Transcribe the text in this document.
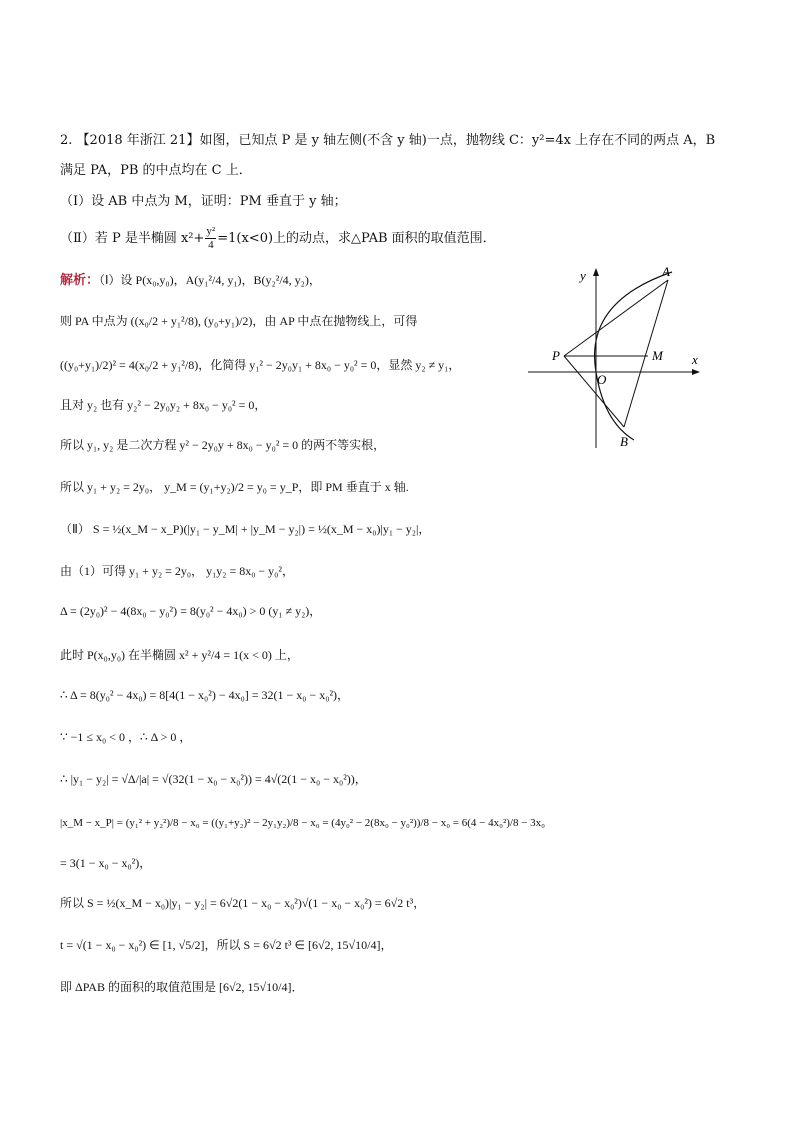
2. 【2018 年浙江 21】如图，已知点 P 是 y 轴左侧(不含 y 轴)一点，抛物线 C：y²=4x 上存在不同的两点 A，B
满足 PA，PB 的中点均在 C 上．
（Ⅰ）设 AB 中点为 M，证明：PM 垂直于 y 轴；
（Ⅱ）若 P 是半椭圆 $x^2+ \frac{\text{y²}}{4} =1(x<0)$上的动点，求△PAB 面积的取值范围．
解析：（Ⅰ）设 P(x₀,y₀)，A(y₁²/4, y₁)，B(y₂²/4, y₂)，
则 PA 中点为 ((x₀/2 + y₁²/8), (y₀+y₁)/2)，由 AP 中点在抛物线上，可得
((y₀+y₁)/2)² = 4(x₀/2 + y₁²/8)，化简得 y₁² − 2y₀y₁ + 8x₀ − y₀² = 0，显然 y₂ ≠ y₁，
且对 y₂ 也有 y₂² − 2y₀y₂ + 8x₀ − y₀² = 0，
所以 y₁, y₂ 是二次方程 y² − 2y₀y + 8x₀ − y₀² = 0 的两不等实根，
所以 y₁ + y₂ = 2y₀， y_M = (y₁+y₂)/2 = y₀ = y_P，即 PM 垂直于 x 轴.
（Ⅱ） S = ½(x_M − x_P)(|y₁ − y_M| + |y_M − y₂|) = ½(x_M − x₀)|y₁ − y₂|，
由（1）可得 y₁ + y₂ = 2y₀， y₁y₂ = 8x₀ − y₀²，
Δ = (2y₀)² − 4(8x₀ − y₀²) = 8(y₀² − 4x₀) > 0 (y₁ ≠ y₂)，
此时 P(x₀,y₀) 在半椭圆 x² + y²/4 = 1(x < 0) 上，
∴ Δ = 8(y₀² − 4x₀) = 8[4(1 − x₀²) − 4x₀] = 32(1 − x₀ − x₀²)，
∵ −1 ≤ x₀ < 0 ，∴ Δ > 0 ，
∴ |y₁ − y₂| = √Δ/|a| = √(32(1 − x₀ − x₀²)) = 4√(2(1 − x₀ − x₀²))，
|x_M − x_P| = (y₁² + y₂²)/8 − x₀ = ((y₁+y₂)² − 2y₁y₂)/8 − x₀ = (4y₀² − 2(8x₀ − y₀²))/8 − x₀ = 6(4 − 4x₀²)/8 − 3x₀
= 3(1 − x₀ − x₀²)，
所以 S = ½(x_M − x₀)|y₁ − y₂| = 6√2(1 − x₀ − x₀²)√(1 − x₀ − x₀²) = 6√2 t³，
t = √(1 − x₀ − x₀²) ∈ [1, √5/2]，所以 S = 6√2 t³ ∈ [6√2, 15√10/4]，
即 ΔPAB 的面积的取值范围是 [6√2, 15√10/4]．
y
x
A
B
P	M
O
